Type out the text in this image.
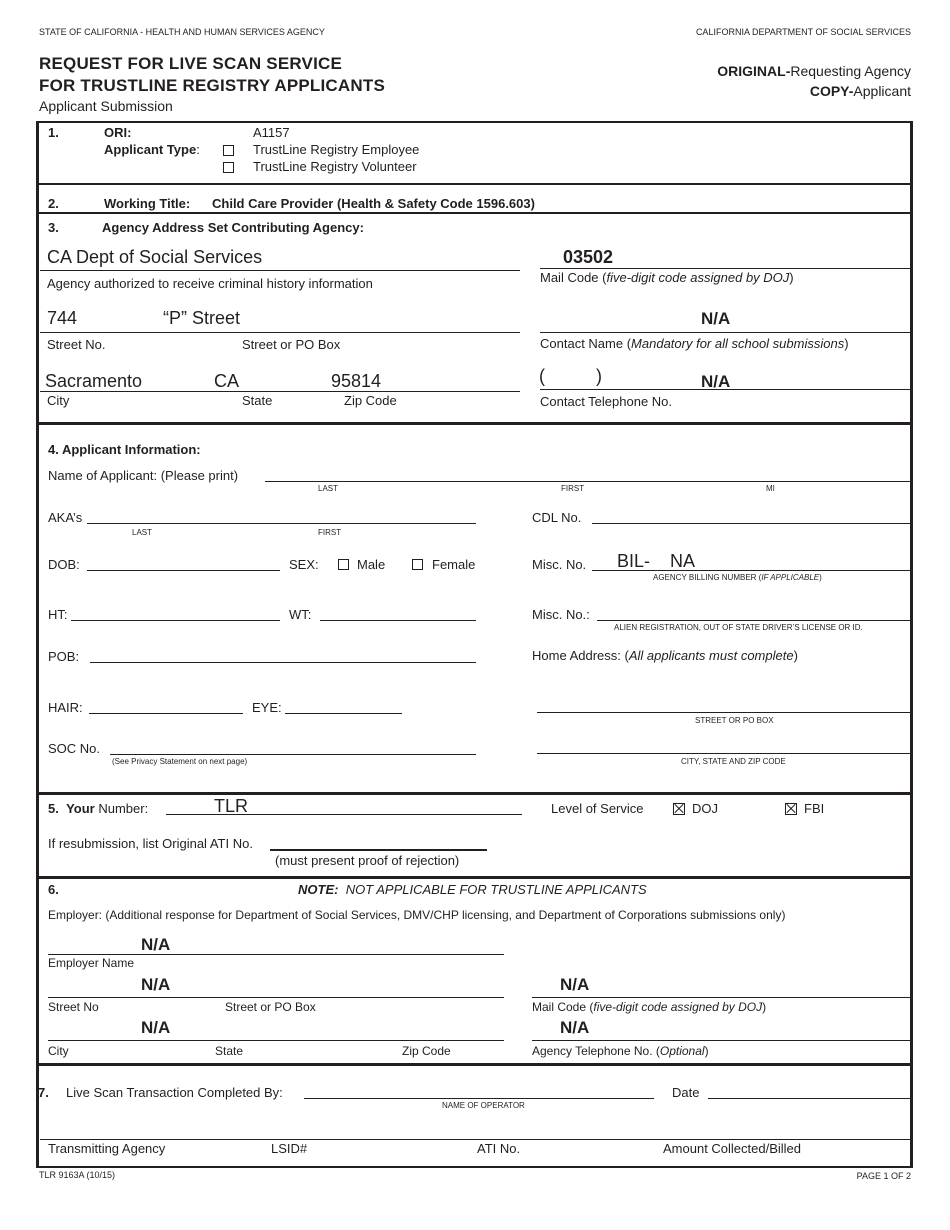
STATE OF CALIFORNIA - HEALTH AND HUMAN SERVICES AGENCY	CALIFORNIA DEPARTMENT OF SOCIAL SERVICES
REQUEST FOR LIVE SCAN SERVICE
FOR TRUSTLINE REGISTRY APPLICANTS
Applicant Submission
ORIGINAL-Requesting Agency
COPY-Applicant
1.	ORI:	A1157
Applicant Type:	TrustLine Registry Employee
TrustLine Registry Volunteer
2.	Working Title: Child Care Provider (Health & Safety Code 1596.603)
3.	Agency Address Set Contributing Agency:
CA Dept of Social Services
Agency authorized to receive criminal history information
03502
Mail Code (five-digit code assigned by DOJ)
744	“P” Street
Street No.	Street or PO Box
N/A
Contact Name (Mandatory for all school submissions)
Sacramento	CA	95814
City	State	Zip Code
(	)	N/A
Contact Telephone No.
4. Applicant Information:
Name of Applicant: (Please print)
LAST	FIRST	MI
AKA’s
LAST	FIRST
CDL No.
DOB:	SEX:	Male	Female	Misc. No. BIL-    NA
AGENCY BILLING NUMBER (IF APPLICABLE)
HT:	WT:	Misc. No.:
ALIEN REGISTRATION, OUT OF STATE DRIVER’S LICENSE OR ID.
POB:	Home Address: (All applicants must complete)
HAIR:	EYE:
STREET OR PO BOX
SOC No.
(See Privacy Statement on next page)	CITY, STATE AND ZIP CODE
5. Your Number:	TLR	Level of Service	DOJ	FBI
If resubmission, list Original ATI No.
(must present proof of rejection)
6.	NOTE: NOT APPLICABLE FOR TRUSTLINE APPLICANTS
Employer: (Additional response for Department of Social Services, DMV/CHP licensing, and Department of Corporations submissions only)
N/A
Employer Name
N/A
Street No	Street or PO Box
N/A
Mail Code (five-digit code assigned by DOJ)
N/A
City	State	Zip Code
N/A
Agency Telephone No. (Optional)
7. Live Scan Transaction Completed By:
NAME OF OPERATOR
Date
Transmitting Agency	LSID#	ATI No.	Amount Collected/Billed
TLR 9163A (10/15)	PAGE 1 OF 2
